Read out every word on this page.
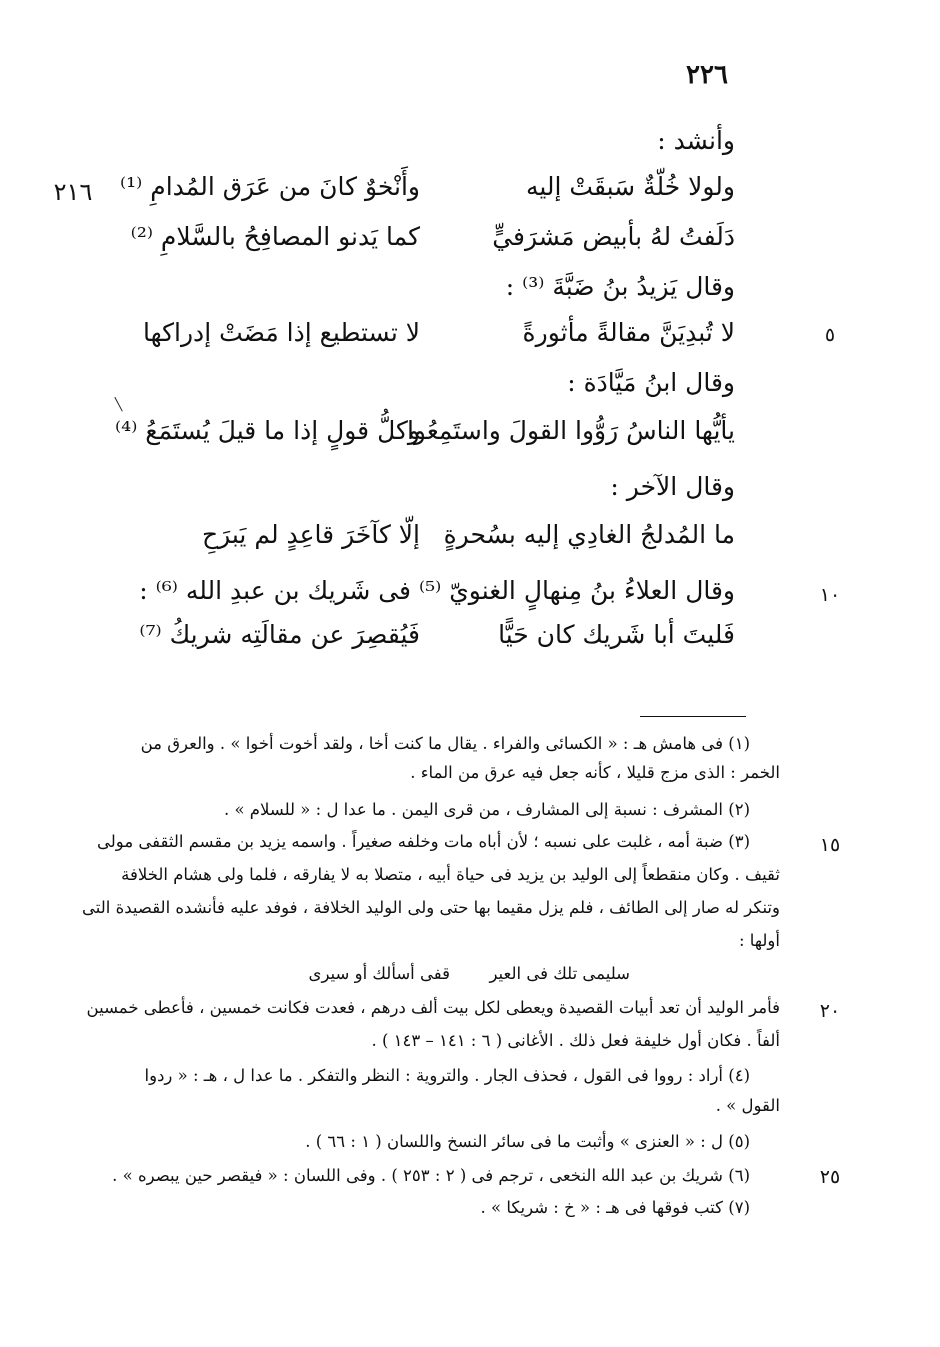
٢٢٦
٢١٦
وأنشد :
ولولا خُلّةٌ سَبقَتْ إليه
وأَنْخوٌ كانَ من عَرَق المُدامِ ⁽¹⁾
دَلَفتُ لهُ بأبيض مَشرَفيٍّ
كما يَدنو المصافِحُ بالسَّلامِ ⁽²⁾
وقال يَزيدُ بنُ ضَبَّةَ ⁽³⁾ :
٥
لا تُبدِيَنَّ مقالةً مأثورةً
لا تستطيع إذا مَضَتْ إدراكها
وقال ابنُ مَيَّادَة :
يأيُّها الناسُ رَوُّوا القولَ واستَمِعُوا
وكلُّ قولٍ إذا ما قيلَ يُستَمَعُ ⁽⁴⁾
وقال الآخر :
ما المُدلجُ الغادِي إليه بسُحرةٍ
إلّا كآخَرَ قاعِدٍ لم يَبرَحِ
١٠
وقال العلاءُ بنُ مِنهالٍ الغنويّ ⁽⁵⁾ فى شَريك بن عبدِ الله ⁽⁶⁾ :
فَليتَ أبا شَريك كان حَيًّا
فَيُقصِرَ عن مقالَتِه شريكُ ⁽⁷⁾
(١) فى هامش هـ : « الكسائى والفراء . يقال ما كنت أخا ، ولقد أخوت أخوا » . والعرق من
الخمر : الذى مزج قليلا ، كأنه جعل فيه عرق من الماء .
(٢) المشرف : نسبة إلى المشارف ، من قرى اليمن . ما عدا ل : « للسلام » .
١٥
(٣) ضبة أمه ، غلبت على نسبه ؛ لأن أباه مات وخلفه صغيراً . واسمه يزيد بن مقسم الثقفى مولى
ثقيف . وكان منقطعاً إلى الوليد بن يزيد فى حياة أبيه ، متصلا به لا يفارقه ، فلما ولى هشام الخلافة
وتنكر له صار إلى الطائف ، فلم يزل مقيما بها حتى ولى الوليد الخلافة ، فوفد عليه فأنشده القصيدة التى
أولها :
سليمى تلك فى العير
قفى أسألك أو سيرى
٢٠
فأمر الوليد أن تعد أبيات القصيدة ويعطى لكل بيت ألف درهم ، فعدت فكانت خمسين ، فأعطى خمسين
ألفاً . فكان أول خليفة فعل ذلك . الأغانى ( ٦ : ١٤١ – ١٤٣ ) .
(٤) أراد : رووا فى القول ، فحذف الجار . والتروية : النظر والتفكر . ما عدا ل ، هـ : « ردوا
القول » .
(٥) ل : « العنزى » وأثبت ما فى سائر النسخ واللسان ( ١ : ٦٦ ) .
٢٥
(٦) شريك بن عبد الله النخعى ، ترجم فى ( ٢ : ٢٥٣ ) . وفى اللسان : « فيقصر حين يبصره » .
(٧) كتب فوقها فى هـ : « خ : شريكا » .
